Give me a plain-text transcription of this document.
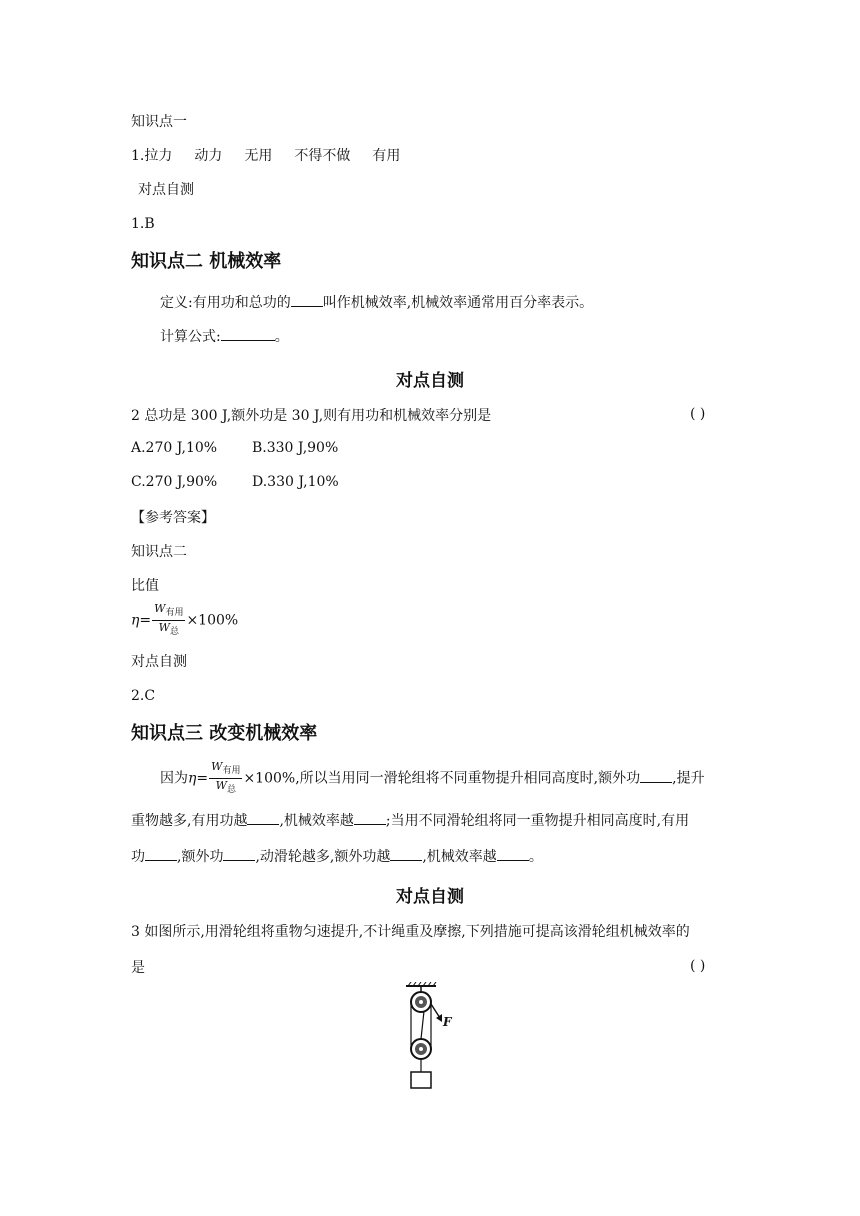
知识点一
1.拉力 动力 无用 不得不做 有用
对点自测
1.B
知识点二 机械效率
定义:有用功和总功的 叫作机械效率,机械效率通常用百分率表示。
计算公式:	。
对点自测
2 总功是 300 J,额外功是 30 J,则有用功和机械效率分别是	( )
A.270 J,10% B.330 J,90%
C.270 J,90% D.330 J,10%
【参考答案】
知识点二
比值
$\eta= \frac{W_{有用}}{W_总} \times 100\%$
对点自测
2.C
知识点三 改变机械效率
因为$\eta= \frac{W_{有用}}{W_总} \times 100\%$,所以当用同一滑轮组将不同重物提升相同高度时,额外功 ,提升
重物越多,有用功越 ,机械效率越 ;当用不同滑轮组将同一重物提升相同高度时,有用
功 ,额外功 ,动滑轮越多,额外功越 ,机械效率越 。
对点自测
3 如图所示,用滑轮组将重物匀速提升,不计绳重及摩擦,下列措施可提高该滑轮组机械效率的
是	( )
F
